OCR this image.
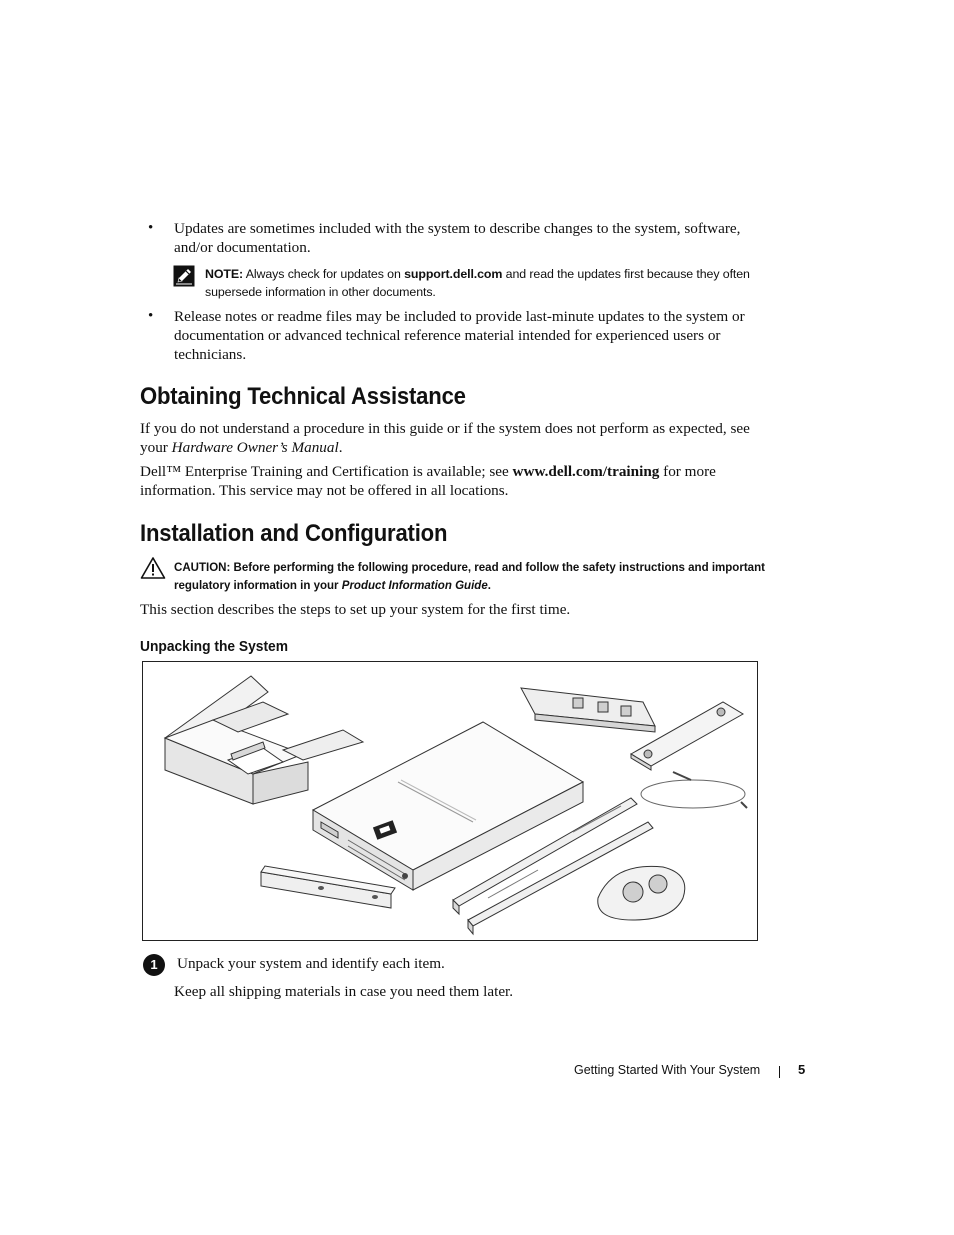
• Updates are sometimes included with the system to describe changes to the system, software, and/or documentation.
NOTE: Always check for updates on support.dell.com and read the updates first because they often supersede information in other documents.
• Release notes or readme files may be included to provide last-minute updates to the system or documentation or advanced technical reference material intended for experienced users or technicians.
Obtaining Technical Assistance
If you do not understand a procedure in this guide or if the system does not perform as expected, see your Hardware Owner’s Manual.
Dell™ Enterprise Training and Certification is available; see www.dell.com/training for more information. This service may not be offered in all locations.
Installation and Configuration
CAUTION: Before performing the following procedure, read and follow the safety instructions and important regulatory information in your Product Information Guide.
This section describes the steps to set up your system for the first time.
Unpacking the System
1	Unpack your system and identify each item.
Keep all shipping materials in case you need them later.
Getting Started With Your System	5
